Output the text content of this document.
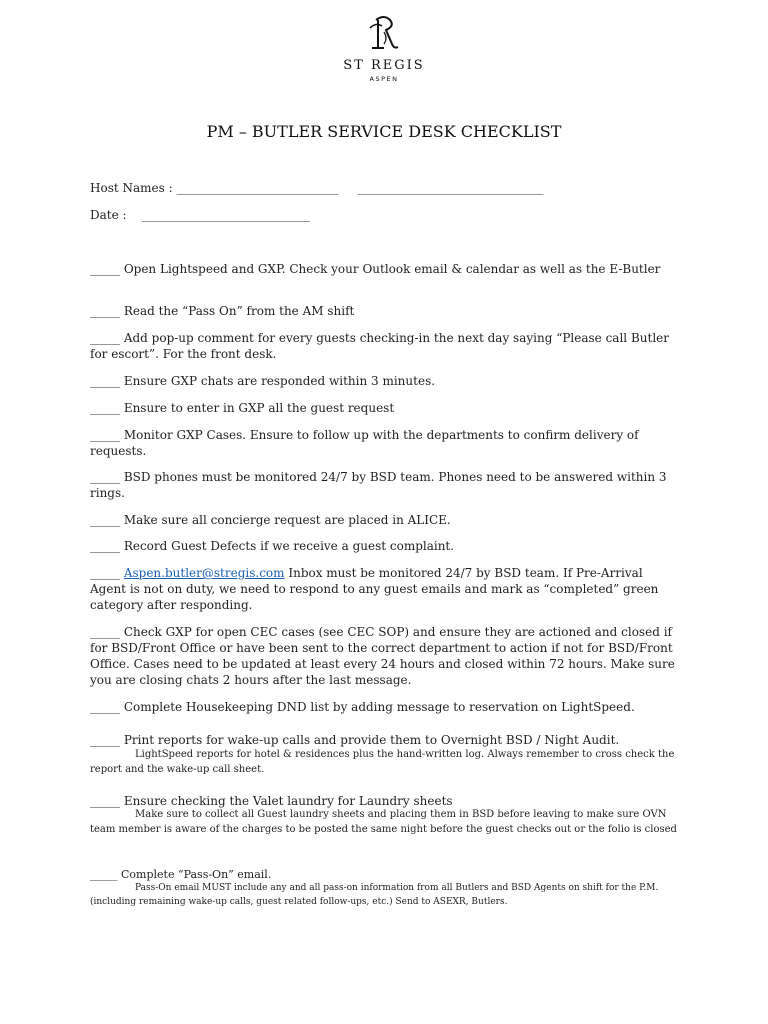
ST REGIS
ASPEN
PM – BUTLER SERVICE DESK CHECKLIST
Host Names : ___________________________     _______________________________
Date :    ____________________________
_____ Open Lightspeed and GXP. Check your Outlook email & calendar as well as the E-Butler
_____ Read the “Pass On” from the AM shift
_____ Add pop-up comment for every guests checking-in the next day saying “Please call Butler for escort”. For the front desk.
_____ Ensure GXP chats are responded within 3 minutes.
_____ Ensure to enter in GXP all the guest request
_____ Monitor GXP Cases. Ensure to follow up with the departments to confirm delivery of requests.
_____ BSD phones must be monitored 24/7 by BSD team. Phones need to be answered within 3 rings.
_____ Make sure all concierge request are placed in ALICE.
_____ Record Guest Defects if we receive a guest complaint.
_____ Aspen.butler@stregis.com Inbox must be monitored 24/7 by BSD team. If Pre-Arrival Agent is not on duty, we need to respond to any guest emails and mark as “completed” green category after responding.
_____ Check GXP for open CEC cases (see CEC SOP) and ensure they are actioned and closed if for BSD/Front Office or have been sent to the correct department to action if not for BSD/Front Office. Cases need to be updated at least every 24 hours and closed within 72 hours. Make sure you are closing chats 2 hours after the last message.
_____ Complete Housekeeping DND list by adding message to reservation on LightSpeed.
_____ Print reports for wake-up calls and provide them to Overnight BSD / Night Audit.
LightSpeed reports for hotel & residences plus the hand-written log. Always remember to cross check the report and the wake-up call sheet.
_____ Ensure checking the Valet laundry for Laundry sheets
Make sure to collect all Guest laundry sheets and placing them in BSD before leaving to make sure OVN team member is aware of the charges to be posted the same night before the guest checks out or the folio is closed
_____ Complete “Pass-On” email.
Pass-On email MUST include any and all pass-on information from all Butlers and BSD Agents on shift for the P.M. (including remaining wake-up calls, guest related follow-ups, etc.) Send to ASEXR, Butlers.
